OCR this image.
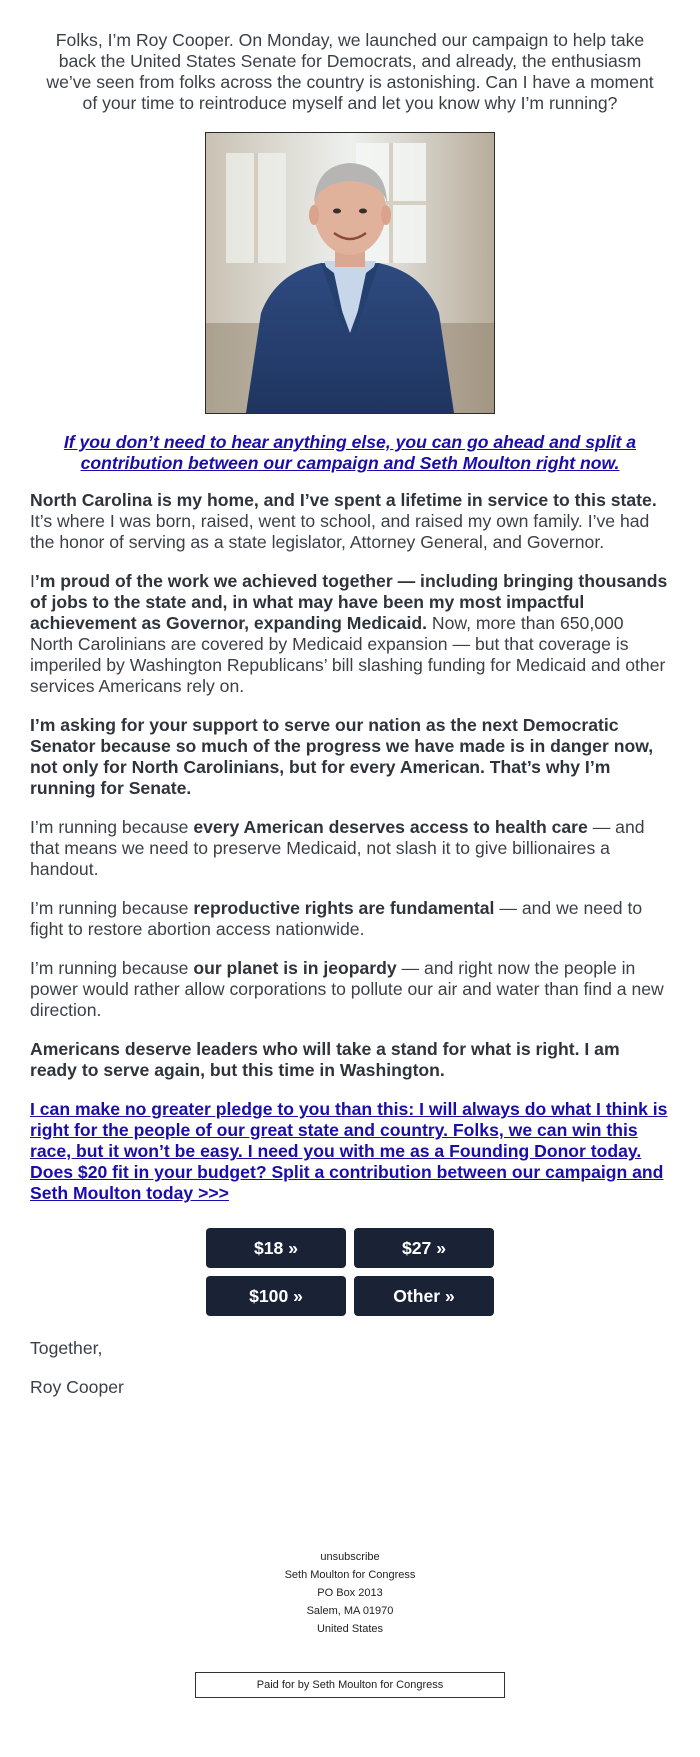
Folks, I’m Roy Cooper. On Monday, we launched our campaign to help take back the United States Senate for Democrats, and already, the enthusiasm we’ve seen from folks across the country is astonishing. Can I have a moment of your time to reintroduce myself and let you know why I’m running?

If you don’t need to hear anything else, you can go ahead and split a contribution between our campaign and Seth Moulton right now.

North Carolina is my home, and I’ve spent a lifetime in service to this state. It’s where I was born, raised, went to school, and raised my own family. I’ve had the honor of serving as a state legislator, Attorney General, and Governor.

I’m proud of the work we achieved together — including bringing thousands of jobs to the state and, in what may have been my most impactful achievement as Governor, expanding Medicaid. Now, more than 650,000 North Carolinians are covered by Medicaid expansion — but that coverage is imperiled by Washington Republicans’ bill slashing funding for Medicaid and other services Americans rely on.

I’m asking for your support to serve our nation as the next Democratic Senator because so much of the progress we have made is in danger now, not only for North Carolinians, but for every American. That’s why I’m running for Senate.

I’m running because every American deserves access to health care — and that means we need to preserve Medicaid, not slash it to give billionaires a handout.

I’m running because reproductive rights are fundamental — and we need to fight to restore abortion access nationwide.

I’m running because our planet is in jeopardy — and right now the people in power would rather allow corporations to pollute our air and water than find a new direction.

Americans deserve leaders who will take a stand for what is right. I am ready to serve again, but this time in Washington.

I can make no greater pledge to you than this: I will always do what I think is right for the people of our great state and country. Folks, we can win this race, but it won’t be easy. I need you with me as a Founding Donor today. Does $20 fit in your budget? Split a contribution between our campaign and Seth Moulton today >>>
$18 »	$27 »
$100 »	Other »

Together,

Roy Cooper

unsubscribe
Seth Moulton for Congress
PO Box 2013
Salem, MA 01970
United States
Paid for by Seth Moulton for Congress
